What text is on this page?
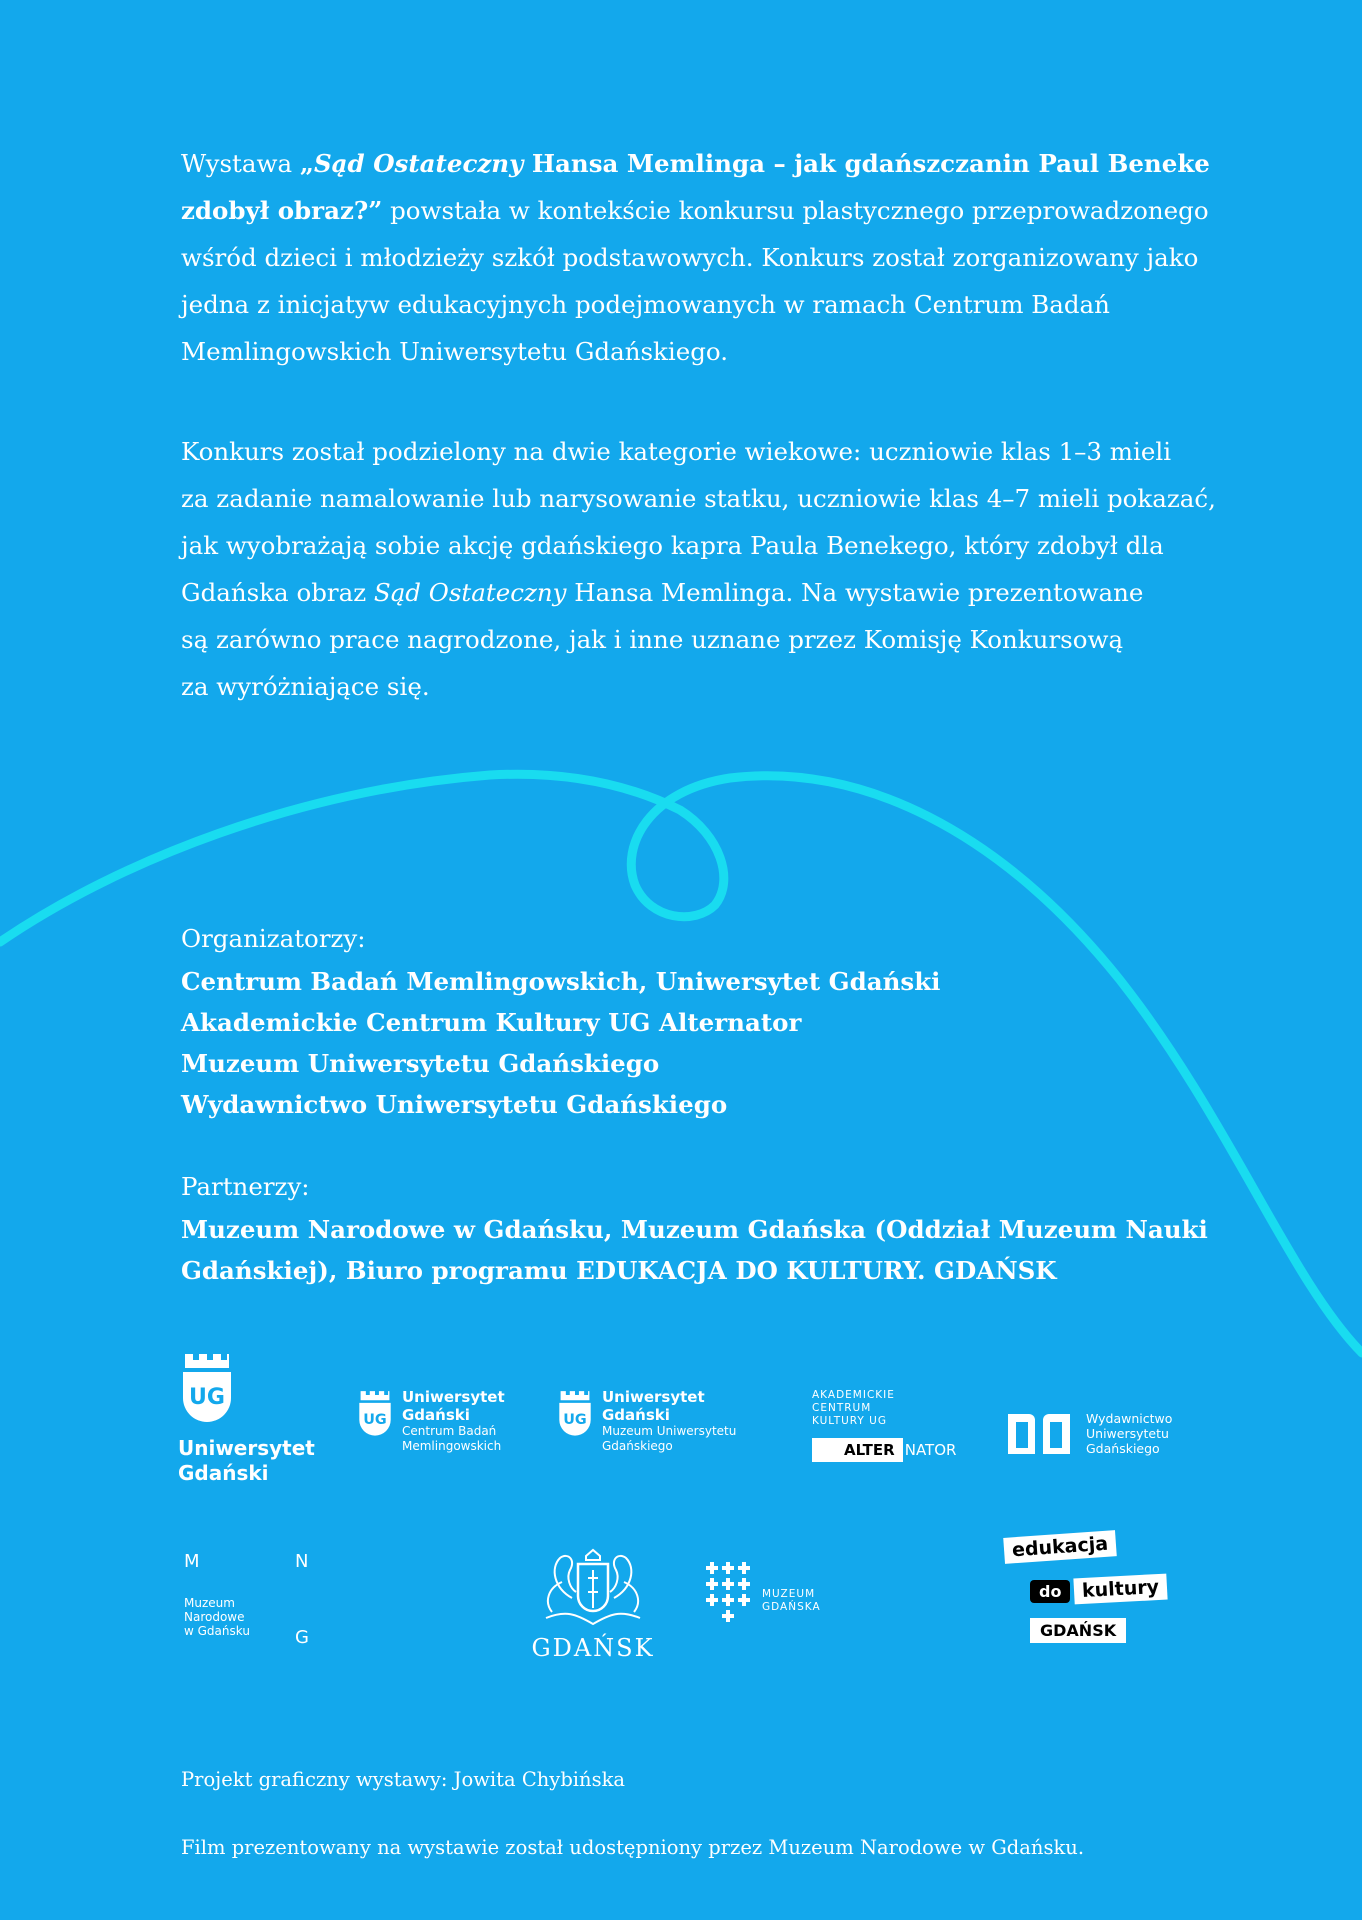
Wystawa „Sąd Ostateczny Hansa Memlinga – jak gdańszczanin Paul Beneke

zdobył obraz?” powstała w kontekście konkursu plastycznego przeprowadzonego

wśród dzieci i młodzieży szkół podstawowych. Konkurs został zorganizowany jako

jedna z inicjatyw edukacyjnych podejmowanych w ramach Centrum Badań

Memlingowskich Uniwersytetu Gdańskiego.

Konkurs został podzielony na dwie kategorie wiekowe: uczniowie klas 1–3 mieli

za zadanie namalowanie lub narysowanie statku, uczniowie klas 4–7 mieli pokazać,

jak wyobrażają sobie akcję gdańskiego kapra Paula Benekego, który zdobył dla

Gdańska obraz Sąd Ostateczny Hansa Memlinga. Na wystawie prezentowane

są zarówno prace nagrodzone, jak i inne uznane przez Komisję Konkursową

za wyróżniające się.

Organizatorzy:

Centrum Badań Memlingowskich, Uniwersytet Gdański

Akademickie Centrum Kultury UG Alternator

Muzeum Uniwersytetu Gdańskiego

Wydawnictwo Uniwersytetu Gdańskiego

Partnerzy:

Muzeum Narodowe w Gdańsku, Muzeum Gdańska (Oddział Muzeum Nauki

Gdańskiej), Biuro programu EDUKACJA DO KULTURY. GDAŃSK

UG
Uniwersytet
Gdański
UG
Uniwersytet
Gdański
Centrum Badań
Memlingowskich
UG
Uniwersytet
Gdański
Muzeum Uniwersytetu
Gdańskiego
AKADEMICKIE
CENTRUM
KULTURY UG
ALTER NATOR
Wydawnictwo
Uniwersytetu
Gdańskiego
M	N
G
Muzeum
Narodowe
w Gdańsku
GDAŃSK
MUZEUM
GDAŃSKA
edukacja
do	kultury
GDAŃSK
Projekt graficzny wystawy: Jowita Chybińska
Film prezentowany na wystawie został udostępniony przez Muzeum Narodowe w Gdańsku.
